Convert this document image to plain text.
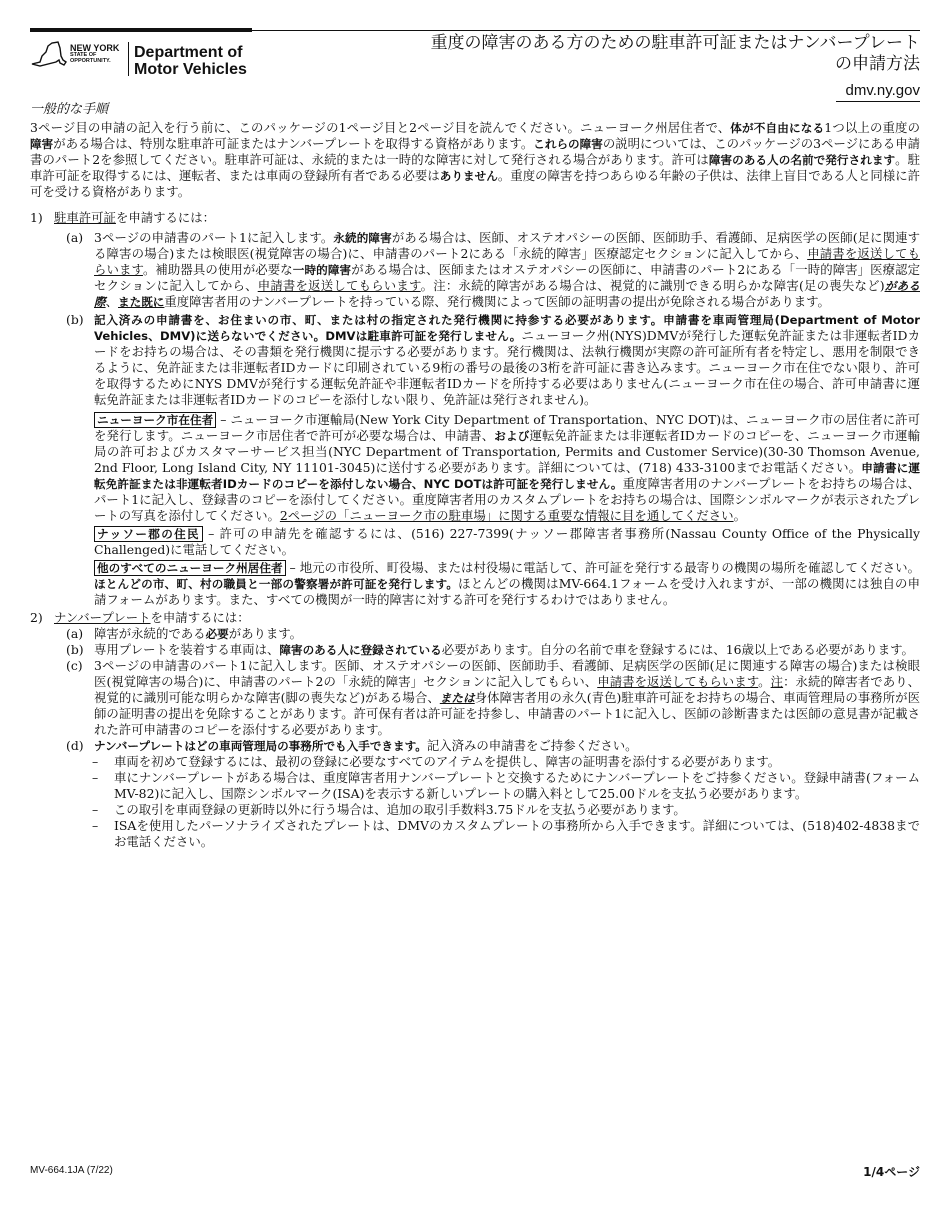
NEW YORK
STATE OF
OPPORTUNITY.	Department of
Motor Vehicles
重度の障害のある方のための駐車許可証またはナンバープレート
の申請方法
dmv.ny.gov
一般的な手順

3ページ目の申請の記入を行う前に、このパッケージの1ページ目と2ページ目を読んでください。ニューヨーク州居住者で、体が不自由になる1つ以上の重度の障害がある場合は、特別な駐車許可証またはナンバープレートを取得する資格があります。これらの障害の説明については、このパッケージの3ページにある申請書のパート2を参照してください。駐車許可証は、永続的または一時的な障害に対して発行される場合があります。許可は障害のある人の名前で発行されます。駐車許可証を取得するには、運転者、または車両の登録所有者である必要はありません。重度の障害を持つあらゆる年齢の子供は、法律上盲目である人と同様に許可を受ける資格があります。

1) 駐車許可証を申請するには：
(a) 3ページの申請書のパート1に記入します。永続的障害がある場合は、医師、オステオパシーの医師、医師助手、看護師、足病医学の医師(足に関連する障害の場合)または検眼医(視覚障害の場合)に、申請書のパート2にある「永続的障害」医療認定セクションに記入してから、申請書を返送してもらいます。補助器具の使用が必要な一時的障害がある場合は、医師またはオステオパシーの医師に、申請書のパート2にある「一時的障害」医療認定セクションに記入してから、申請書を返送してもらいます。注：永続的障害がある場合は、視覚的に識別できる明らかな障害(足の喪失など)がある際、また既に重度障害者用のナンバープレートを持っている際、発行機関によって医師の証明書の提出が免除される場合があります。
(b) 記入済みの申請書を、お住まいの市、町、または村の指定された発行機関に持参する必要があります。申請書を車両管理局(Department of Motor Vehicles、DMV)に送らないでください。DMVは駐車許可証を発行しません。ニューヨーク州(NYS)DMVが発行した運転免許証または非運転者IDカードをお持ちの場合は、その書類を発行機関に提示する必要があります。発行機関は、法執行機関が実際の許可証所有者を特定し、悪用を制限できるように、免許証または非運転者IDカードに印刷されている9桁の番号の最後の3桁を許可証に書き込みます。ニューヨーク市在住でない限り、許可を取得するためにNYS DMVが発行する運転免許証や非運転者IDカードを所持する必要はありません(ニューヨーク市在住の場合、許可申請書に運転免許証または非運転者IDカードのコピーを添付しない限り、免許証は発行されません)。
ニューヨーク市在住者 – ニューヨーク市運輸局(New York City Department of Transportation、NYC DOT)は、ニューヨーク市の居住者に許可を発行します。ニューヨーク市居住者で許可が必要な場合は、申請書、および運転免許証または非運転者IDカードのコピーを、ニューヨーク市運輸局の許可およびカスタマーサービス担当(NYC Department of Transportation, Permits and Customer Service)(30-30 Thomson Avenue, 2nd Floor, Long Island City, NY 11101-3045)に送付する必要があります。詳細については、(718) 433-3100までお電話ください。申請書に運転免許証または非運転者IDカードのコピーを添付しない場合、NYC DOTは許可証を発行しません。重度障害者用のナンバープレートをお持ちの場合は、パート1に記入し、登録書のコピーを添付してください。重度障害者用のカスタムプレートをお持ちの場合は、国際シンボルマークが表示されたプレートの写真を添付してください。2ページの「ニューヨーク市の駐車場」に関する重要な情報に目を通してください。
ナッソー郡の住民 – 許可の申請先を確認するには、(516) 227-7399(ナッソー郡障害者事務所(Nassau County Office of the Physically Challenged)に電話してください。
他のすべてのニューヨーク州居住者 – 地元の市役所、町役場、または村役場に電話して、許可証を発行する最寄りの機関の場所を確認してください。ほとんどの市、町、村の職員と一部の警察署が許可証を発行します。ほとんどの機関はMV-664.1フォームを受け入れますが、一部の機関には独自の申請フォームがあります。また、すべての機関が一時的障害に対する許可を発行するわけではありません。
2) ナンバープレートを申請するには：
(a) 障害が永続的である必要があります。
(b) 専用プレートを装着する車両は、障害のある人に登録されている必要があります。自分の名前で車を登録するには、16歳以上である必要があります。
(c) 3ページの申請書のパート1に記入します。医師、オステオパシーの医師、医師助手、看護師、足病医学の医師(足に関連する障害の場合)または検眼医(視覚障害の場合)に、申請書のパート2の「永続的障害」セクションに記入してもらい、申請書を返送してもらいます。注：永続的障害者であり、視覚的に識別可能な明らかな障害(脚の喪失など)がある場合、または身体障害者用の永久(青色)駐車許可証をお持ちの場合、車両管理局の事務所が医師の証明書の提出を免除することがあります。許可保有者は許可証を持参し、申請書のパート1に記入し、医師の診断書または医師の意見書が記載された許可申請書のコピーを添付する必要があります。
(d) ナンバープレートはどの車両管理局の事務所でも入手できます。記入済みの申請書をご持参ください。
– 車両を初めて登録するには、最初の登録に必要なすべてのアイテムを提供し、障害の証明書を添付する必要があります。
– 車にナンバープレートがある場合は、重度障害者用ナンバープレートと交換するためにナンバープレートをご持参ください。登録申請書(フォームMV-82)に記入し、国際シンボルマーク(ISA)を表示する新しいプレートの購入料として25.00ドルを支払う必要があります。
– この取引を車両登録の更新時以外に行う場合は、追加の取引手数料3.75ドルを支払う必要があります。
– ISAを使用したパーソナライズされたプレートは、DMVのカスタムプレートの事務所から入手できます。詳細については、(518)402-4838までお電話ください。
MV-664.1JA (7/22)	1/4ページ
